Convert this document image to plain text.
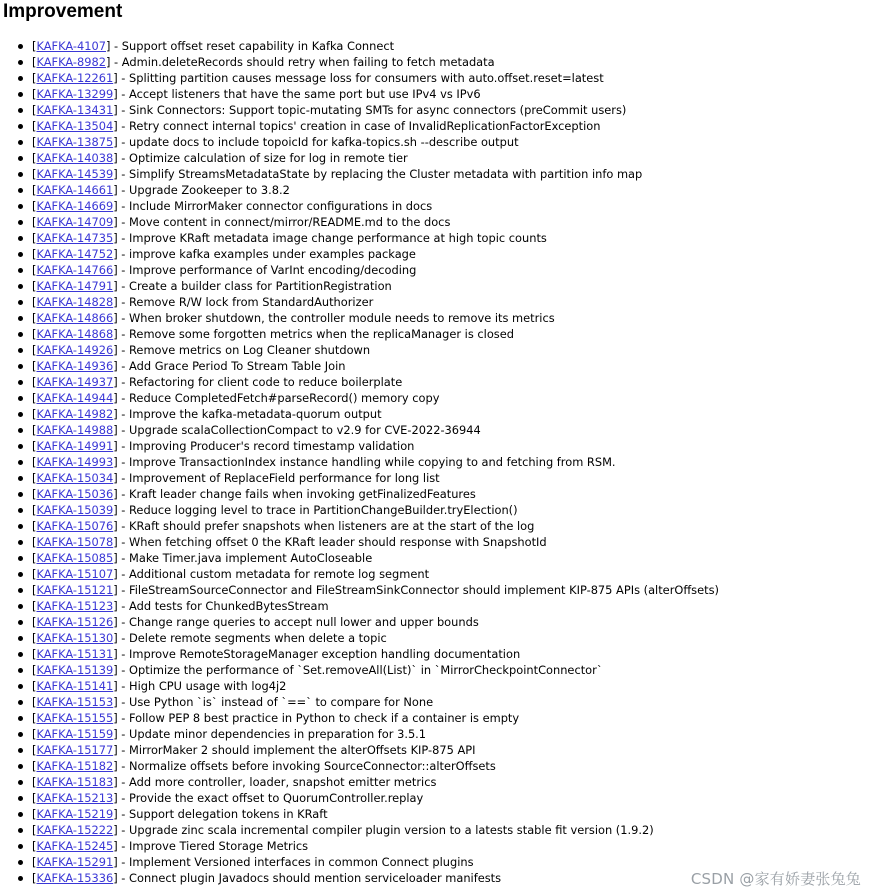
Improvement
[KAFKA-4107] - Support offset reset capability in Kafka Connect
[KAFKA-8982] - Admin.deleteRecords should retry when failing to fetch metadata
[KAFKA-12261] - Splitting partition causes message loss for consumers with auto.offset.reset=latest
[KAFKA-13299] - Accept listeners that have the same port but use IPv4 vs IPv6
[KAFKA-13431] - Sink Connectors: Support topic-mutating SMTs for async connectors (preCommit users)
[KAFKA-13504] - Retry connect internal topics' creation in case of InvalidReplicationFactorException
[KAFKA-13875] - update docs to include topoicId for kafka-topics.sh --describe output
[KAFKA-14038] - Optimize calculation of size for log in remote tier
[KAFKA-14539] - Simplify StreamsMetadataState by replacing the Cluster metadata with partition info map
[KAFKA-14661] - Upgrade Zookeeper to 3.8.2
[KAFKA-14669] - Include MirrorMaker connector configurations in docs
[KAFKA-14709] - Move content in connect/mirror/README.md to the docs
[KAFKA-14735] - Improve KRaft metadata image change performance at high topic counts
[KAFKA-14752] - improve kafka examples under examples package
[KAFKA-14766] - Improve performance of VarInt encoding/decoding
[KAFKA-14791] - Create a builder class for PartitionRegistration
[KAFKA-14828] - Remove R/W lock from StandardAuthorizer
[KAFKA-14866] - When broker shutdown, the controller module needs to remove its metrics
[KAFKA-14868] - Remove some forgotten metrics when the replicaManager is closed
[KAFKA-14926] - Remove metrics on Log Cleaner shutdown
[KAFKA-14936] - Add Grace Period To Stream Table Join
[KAFKA-14937] - Refactoring for client code to reduce boilerplate
[KAFKA-14944] - Reduce CompletedFetch#parseRecord() memory copy
[KAFKA-14982] - Improve the kafka-metadata-quorum output
[KAFKA-14988] - Upgrade scalaCollectionCompact to v2.9 for CVE-2022-36944
[KAFKA-14991] - Improving Producer's record timestamp validation
[KAFKA-14993] - Improve TransactionIndex instance handling while copying to and fetching from RSM.
[KAFKA-15034] - Improvement of ReplaceField performance for long list
[KAFKA-15036] - Kraft leader change fails when invoking getFinalizedFeatures
[KAFKA-15039] - Reduce logging level to trace in PartitionChangeBuilder.tryElection()
[KAFKA-15076] - KRaft should prefer snapshots when listeners are at the start of the log
[KAFKA-15078] - When fetching offset 0 the KRaft leader should response with SnapshotId
[KAFKA-15085] - Make Timer.java implement AutoCloseable
[KAFKA-15107] - Additional custom metadata for remote log segment
[KAFKA-15121] - FileStreamSourceConnector and FileStreamSinkConnector should implement KIP-875 APIs (alterOffsets)
[KAFKA-15123] - Add tests for ChunkedBytesStream
[KAFKA-15126] - Change range queries to accept null lower and upper bounds
[KAFKA-15130] - Delete remote segments when delete a topic
[KAFKA-15131] - Improve RemoteStorageManager exception handling documentation
[KAFKA-15139] - Optimize the performance of `Set.removeAll(List)` in `MirrorCheckpointConnector`
[KAFKA-15141] - High CPU usage with log4j2
[KAFKA-15153] - Use Python `is` instead of `==` to compare for None
[KAFKA-15155] - Follow PEP 8 best practice in Python to check if a container is empty
[KAFKA-15159] - Update minor dependencies in preparation for 3.5.1
[KAFKA-15177] - MirrorMaker 2 should implement the alterOffsets KIP-875 API
[KAFKA-15182] - Normalize offsets before invoking SourceConnector::alterOffsets
[KAFKA-15183] - Add more controller, loader, snapshot emitter metrics
[KAFKA-15213] - Provide the exact offset to QuorumController.replay
[KAFKA-15219] - Support delegation tokens in KRaft
[KAFKA-15222] - Upgrade zinc scala incremental compiler plugin version to a latests stable fit version (1.9.2)
[KAFKA-15245] - Improve Tiered Storage Metrics
[KAFKA-15291] - Implement Versioned interfaces in common Connect plugins
[KAFKA-15336] - Connect plugin Javadocs should mention serviceloader manifests	CSDN @家有娇妻张兔兔
